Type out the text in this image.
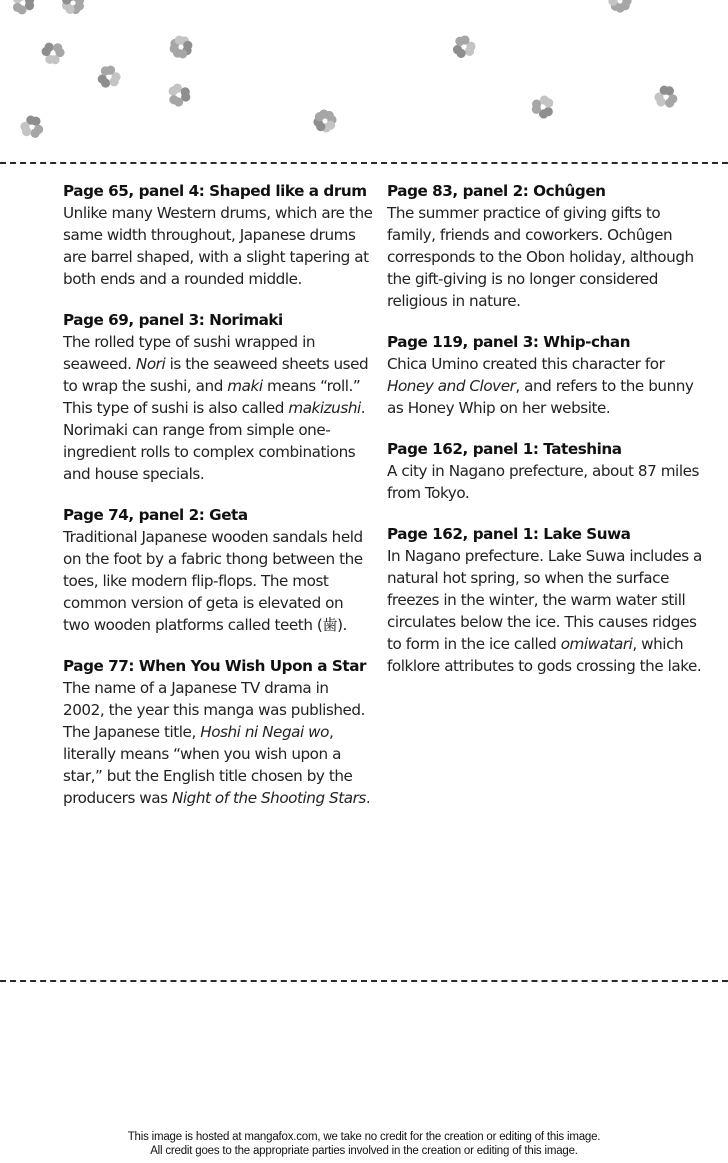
Page 65, panel 4: Shaped like a drum
Unlike many Western drums, which are the same width throughout, Japanese drums are barrel shaped, with a slight tapering at both ends and a rounded middle.
Page 69, panel 3: Norimaki
The rolled type of sushi wrapped in seaweed. Nori is the seaweed sheets used to wrap the sushi, and maki means “roll.” This type of sushi is also called makizushi. Norimaki can range from simple one-ingredient rolls to complex combinations and house specials.
Page 74, panel 2: Geta
Traditional Japanese wooden sandals held on the foot by a fabric thong between the toes, like modern flip-flops. The most common version of geta is elevated on two wooden platforms called teeth (歯).
Page 77: When You Wish Upon a Star
The name of a Japanese TV drama in 2002, the year this manga was published. The Japanese title, Hoshi ni Negai wo, literally means “when you wish upon a star,” but the English title chosen by the producers was Night of the Shooting Stars.
Page 83, panel 2: Ochûgen
The summer practice of giving gifts to family, friends and coworkers. Ochûgen corresponds to the Obon holiday, although the gift-giving is no longer considered religious in nature.
Page 119, panel 3: Whip-chan
Chica Umino created this character for Honey and Clover, and refers to the bunny as Honey Whip on her website.
Page 162, panel 1: Tateshina
A city in Nagano prefecture, about 87 miles from Tokyo.
Page 162, panel 1: Lake Suwa
In Nagano prefecture. Lake Suwa includes a natural hot spring, so when the surface freezes in the winter, the warm water still circulates below the ice. This causes ridges to form in the ice called omiwatari, which folklore attributes to gods crossing the lake.
This image is hosted at mangafox.com, we take no credit for the creation or editing of this image.
All credit goes to the appropriate parties involved in the creation or editing of this image.
